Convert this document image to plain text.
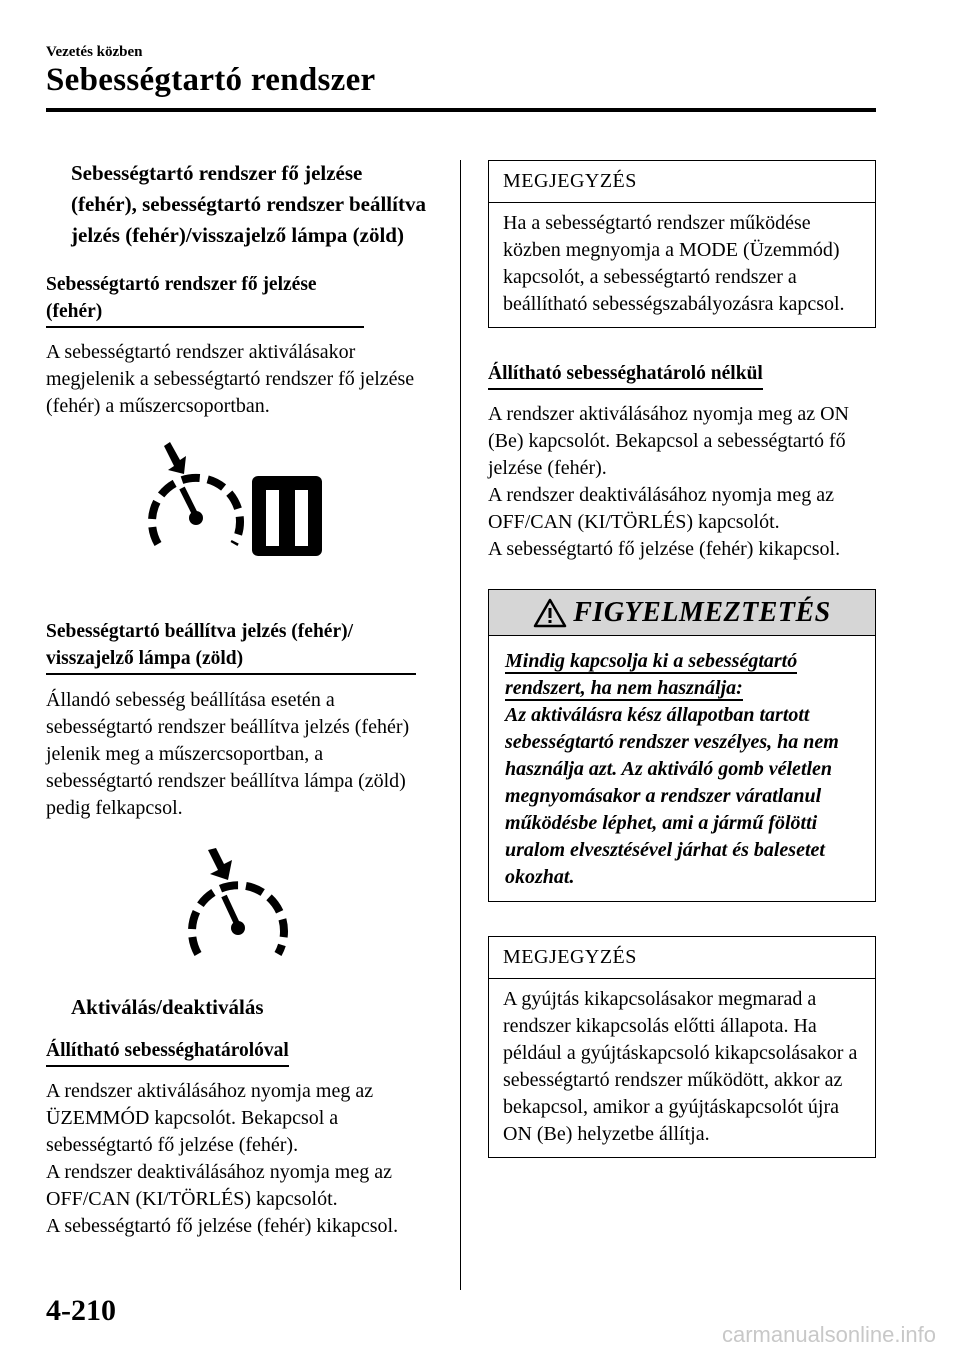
Vezetés közben
Sebességtartó rendszer
Sebességtartó rendszer fő jelzése (fehér), sebességtartó rendszer beállítva jelzés (fehér)/visszajelző lámpa (zöld)
Sebességtartó rendszer fő jelzése (fehér)
A sebességtartó rendszer aktiválásakor megjelenik a sebességtartó rendszer fő jelzése (fehér) a műszercsoportban.
Sebességtartó beállítva jelzés (fehér)/ visszajelző lámpa (zöld)
Állandó sebesség beállítása esetén a sebességtartó rendszer beállítva jelzés (fehér) jelenik meg a műszercsoportban, a sebességtartó rendszer beállítva lámpa (zöld) pedig felkapcsol.
Aktiválás/deaktiválás
Állítható sebességhatárolóval
A rendszer aktiválásához nyomja meg az ÜZEMMÓD kapcsolót. Bekapcsol a sebességtartó fő jelzése (fehér).
A rendszer deaktiválásához nyomja meg az OFF/CAN (KI/TÖRLÉS) kapcsolót.
A sebességtartó fő jelzése (fehér) kikapcsol.
MEGJEGYZÉS
Ha a sebességtartó rendszer működése közben megnyomja a MODE (Üzemmód) kapcsolót, a sebességtartó rendszer a beállítható sebességszabályozásra kapcsol.
Állítható sebességhatároló nélkül
A rendszer aktiválásához nyomja meg az ON (Be) kapcsolót. Bekapcsol a sebességtartó fő jelzése (fehér).
A rendszer deaktiválásához nyomja meg az OFF/CAN (KI/TÖRLÉS) kapcsolót.
A sebességtartó fő jelzése (fehér) kikapcsol.
FIGYELMEZTETÉS
Mindig kapcsolja ki a sebességtartó rendszert, ha nem használja:
Az aktiválásra kész állapotban tartott sebességtartó rendszer veszélyes, ha nem használja azt. Az aktiváló gomb véletlen megnyomásakor a rendszer váratlanul működésbe léphet, ami a jármű fölötti uralom elvesztésével járhat és balesetet okozhat.
MEGJEGYZÉS
A gyújtás kikapcsolásakor megmarad a rendszer kikapcsolás előtti állapota. Ha például a gyújtáskapcsoló kikapcsolásakor a sebességtartó rendszer működött, akkor az bekapcsol, amikor a gyújtáskapcsolót újra ON (Be) helyzetbe állítja.
4-210
carmanualsonline.info
